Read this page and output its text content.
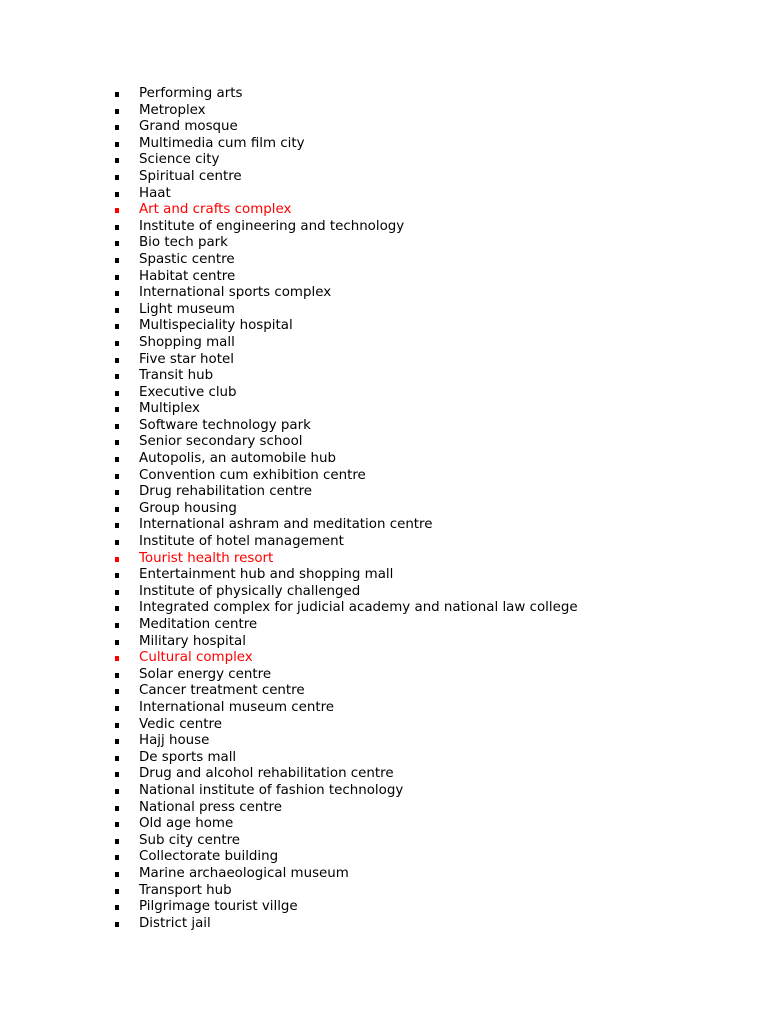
Performing arts
Metroplex
Grand mosque
Multimedia cum film city
Science city
Spiritual centre
Haat
Art and crafts complex
Institute of engineering and technology
Bio tech park
Spastic centre
Habitat centre
International sports complex
Light museum
Multispeciality hospital
Shopping mall
Five star hotel
Transit hub
Executive club
Multiplex
Software technology park
Senior secondary school
Autopolis, an automobile hub
Convention cum exhibition centre
Drug rehabilitation centre
Group housing
International ashram and meditation centre
Institute of hotel management
Tourist health resort
Entertainment hub and shopping mall
Institute of physically challenged
Integrated complex for judicial academy and national law college
Meditation centre
Military hospital
Cultural complex
Solar energy centre
Cancer treatment centre
International museum centre
Vedic centre
Hajj house
De sports mall
Drug and alcohol rehabilitation centre
National institute of fashion technology
National press centre
Old age home
Sub city centre
Collectorate building
Marine archaeological museum
Transport hub
Pilgrimage tourist villge
District jail
